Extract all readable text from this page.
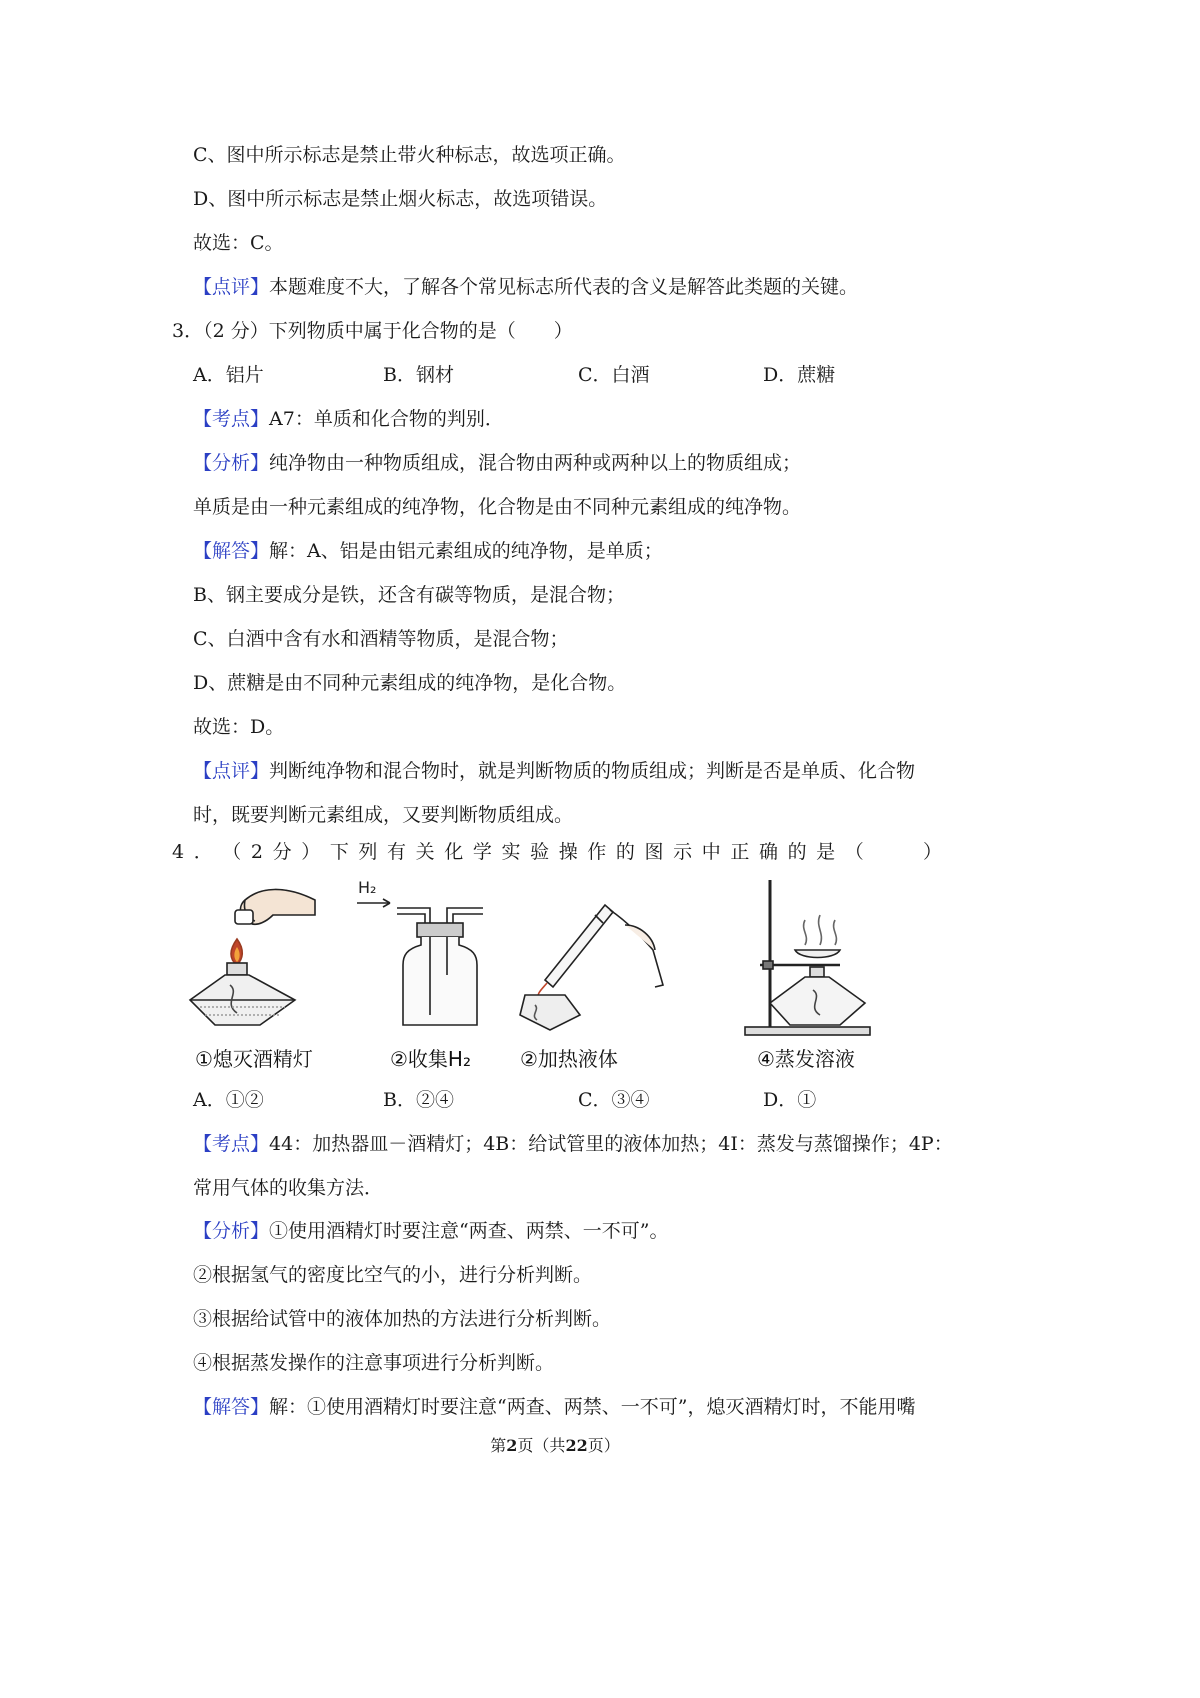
C、图中所示标志是禁止带火种标志，故选项正确。
D、图中所示标志是禁止烟火标志，故选项错误。
故选：C。
【点评】本题难度不大，了解各个常见标志所代表的含义是解答此类题的关键。
3．（2 分）下列物质中属于化合物的是（　　）
A．铝片	B．钢材	C．白酒	D．蔗糖
【考点】A7：单质和化合物的判别．
【分析】纯净物由一种物质组成，混合物由两种或两种以上的物质组成；
单质是由一种元素组成的纯净物，化合物是由不同种元素组成的纯净物。
【解答】解：A、铝是由铝元素组成的纯净物，是单质；
B、钢主要成分是铁，还含有碳等物质，是混合物；
C、白酒中含有水和酒精等物质，是混合物；
D、蔗糖是由不同种元素组成的纯净物，是化合物。
故选：D。
【点评】判断纯净物和混合物时，就是判断物质的物质组成；判断是否是单质、化合物
时，既要判断元素组成，又要判断物质组成。
4 ． （ 2 分 ） 下 列 有 关 化 学 实 验 操 作 的 图 示 中 正 确 的 是 （	）
H₂
①熄灭酒精灯	②收集H₂ ②加热液体	④蒸发溶液
A．①②	B．②④	C．③④	D．①
【考点】44：加热器皿－酒精灯；4B：给试管里的液体加热；4I：蒸发与蒸馏操作；4P：
常用气体的收集方法．
【分析】①使用酒精灯时要注意“两查、两禁、一不可”。
②根据氢气的密度比空气的小，进行分析判断。
③根据给试管中的液体加热的方法进行分析判断。
④根据蒸发操作的注意事项进行分析判断。
【解答】解：①使用酒精灯时要注意“两查、两禁、一不可”，熄灭酒精灯时，不能用嘴
第2页（共22页）
